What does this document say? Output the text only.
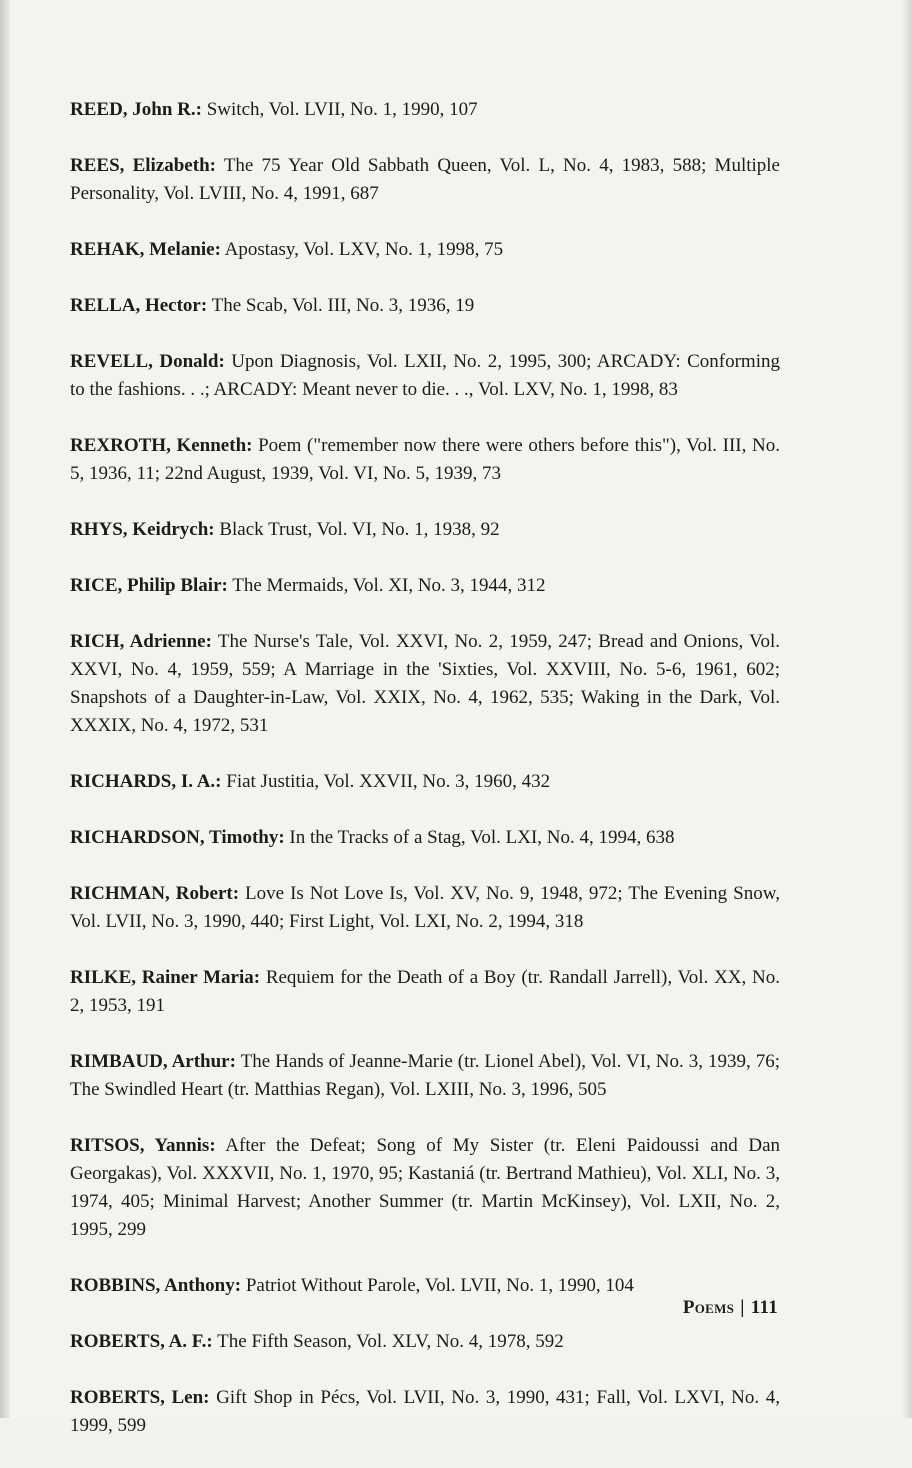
REED, John R.: Switch, Vol. LVII, No. 1, 1990, 107

REES, Elizabeth: The 75 Year Old Sabbath Queen, Vol. L, No. 4, 1983, 588; Multiple Personality, Vol. LVIII, No. 4, 1991, 687

REHAK, Melanie: Apostasy, Vol. LXV, No. 1, 1998, 75

RELLA, Hector: The Scab, Vol. III, No. 3, 1936, 19

REVELL, Donald: Upon Diagnosis, Vol. LXII, No. 2, 1995, 300; ARCADY: Conforming to the fashions. . .; ARCADY: Meant never to die. . ., Vol. LXV, No. 1, 1998, 83

REXROTH, Kenneth: Poem ("remember now there were others before this"), Vol. III, No. 5, 1936, 11; 22nd August, 1939, Vol. VI, No. 5, 1939, 73

RHYS, Keidrych: Black Trust, Vol. VI, No. 1, 1938, 92

RICE, Philip Blair: The Mermaids, Vol. XI, No. 3, 1944, 312

RICH, Adrienne: The Nurse's Tale, Vol. XXVI, No. 2, 1959, 247; Bread and Onions, Vol. XXVI, No. 4, 1959, 559; A Marriage in the 'Sixties, Vol. XXVIII, No. 5-6, 1961, 602; Snapshots of a Daughter-in-Law, Vol. XXIX, No. 4, 1962, 535; Waking in the Dark, Vol. XXXIX, No. 4, 1972, 531

RICHARDS, I. A.: Fiat Justitia, Vol. XXVII, No. 3, 1960, 432

RICHARDSON, Timothy: In the Tracks of a Stag, Vol. LXI, No. 4, 1994, 638

RICHMAN, Robert: Love Is Not Love Is, Vol. XV, No. 9, 1948, 972; The Evening Snow, Vol. LVII, No. 3, 1990, 440; First Light, Vol. LXI, No. 2, 1994, 318

RILKE, Rainer Maria: Requiem for the Death of a Boy (tr. Randall Jarrell), Vol. XX, No. 2, 1953, 191

RIMBAUD, Arthur: The Hands of Jeanne-Marie (tr. Lionel Abel), Vol. VI, No. 3, 1939, 76; The Swindled Heart (tr. Matthias Regan), Vol. LXIII, No. 3, 1996, 505

RITSOS, Yannis: After the Defeat; Song of My Sister (tr. Eleni Paidoussi and Dan Georgakas), Vol. XXXVII, No. 1, 1970, 95; Kastaniá (tr. Bertrand Mathieu), Vol. XLI, No. 3, 1974, 405; Minimal Harvest; Another Summer (tr. Martin McKinsey), Vol. LXII, No. 2, 1995, 299

ROBBINS, Anthony: Patriot Without Parole, Vol. LVII, No. 1, 1990, 104

ROBERTS, A. F.: The Fifth Season, Vol. XLV, No. 4, 1978, 592

ROBERTS, Len: Gift Shop in Pécs, Vol. LVII, No. 3, 1990, 431; Fall, Vol. LXVI, No. 4, 1999, 599

Poems | 111
